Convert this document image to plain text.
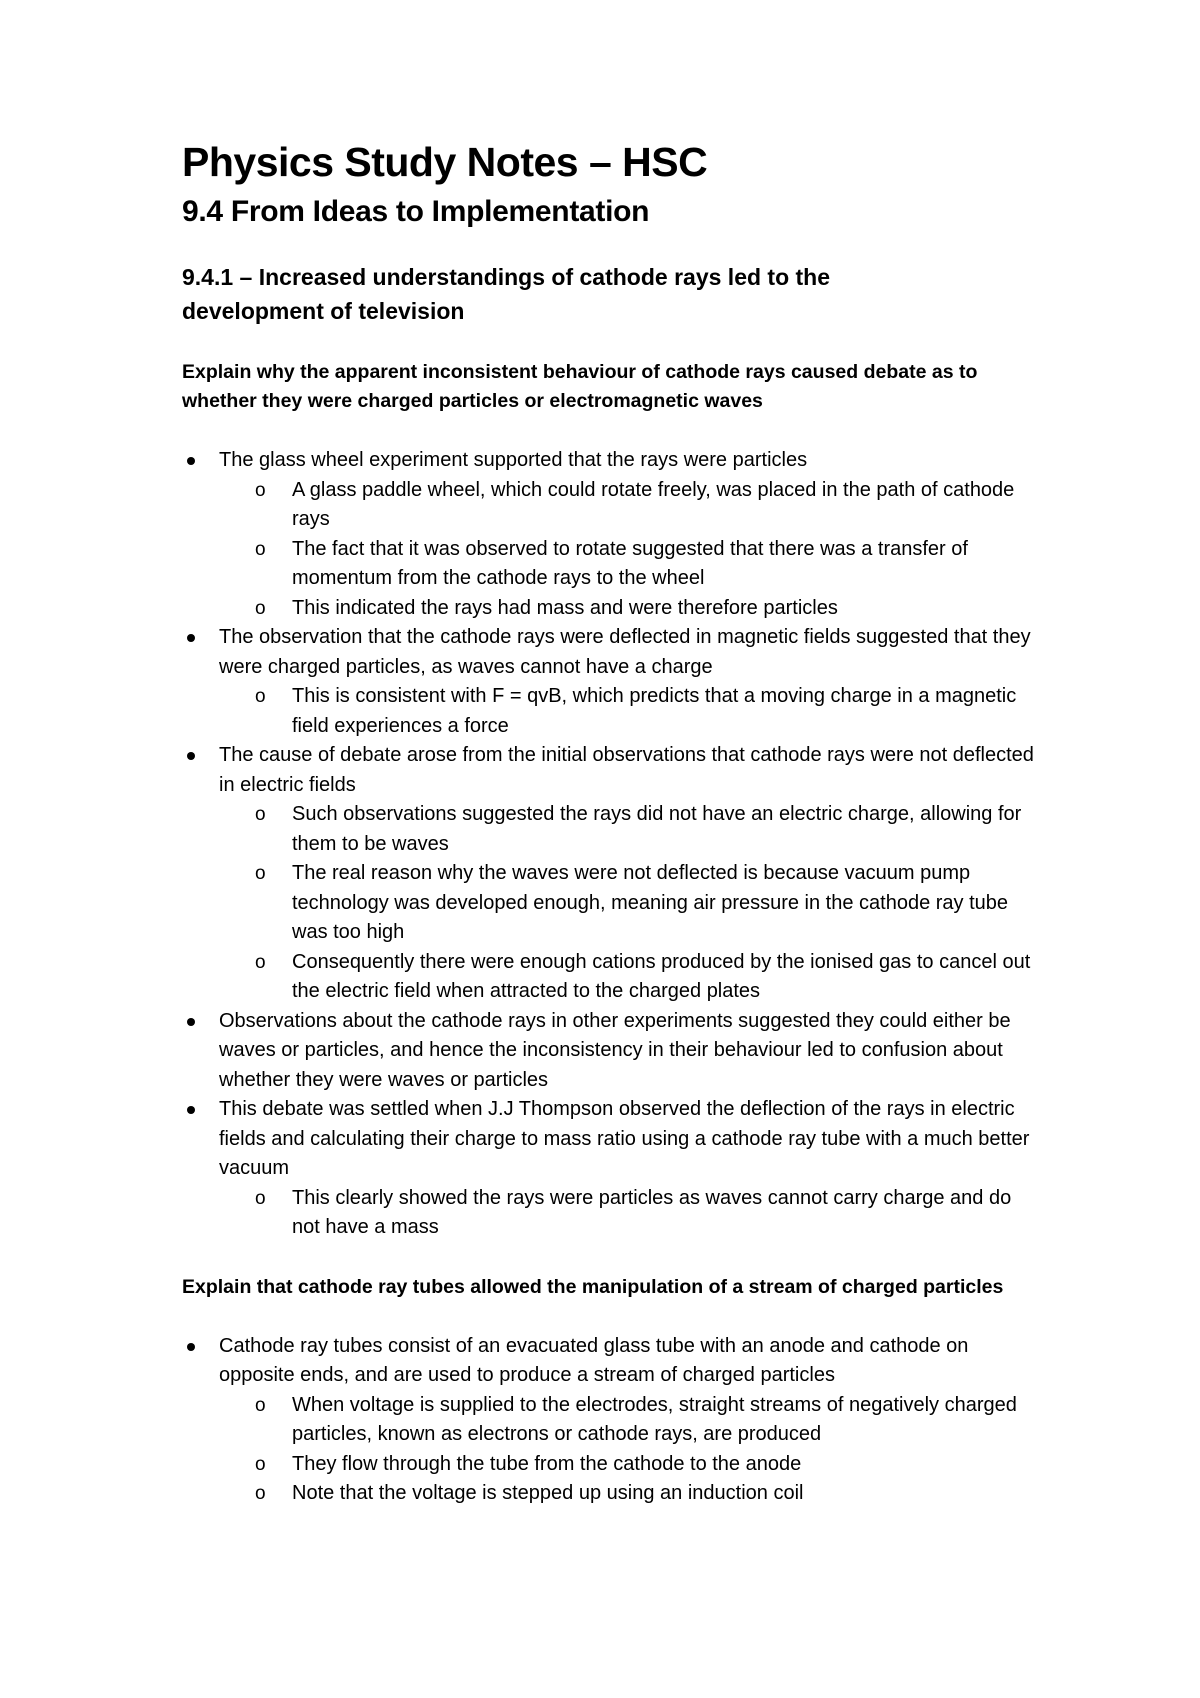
Physics Study Notes – HSC
9.4 From Ideas to Implementation
9.4.1 – Increased understandings of cathode rays led to the development of television
Explain why the apparent inconsistent behaviour of cathode rays caused debate as to whether they were charged particles or electromagnetic waves
The glass wheel experiment supported that the rays were particles
o A glass paddle wheel, which could rotate freely, was placed in the path of cathode rays
o The fact that it was observed to rotate suggested that there was a transfer of momentum from the cathode rays to the wheel
o This indicated the rays had mass and were therefore particles
The observation that the cathode rays were deflected in magnetic fields suggested that they were charged particles, as waves cannot have a charge
o This is consistent with F = qvB, which predicts that a moving charge in a magnetic field experiences a force
The cause of debate arose from the initial observations that cathode rays were not deflected in electric fields
o Such observations suggested the rays did not have an electric charge, allowing for them to be waves
o The real reason why the waves were not deflected is because vacuum pump technology was developed enough, meaning air pressure in the cathode ray tube was too high
o Consequently there were enough cations produced by the ionised gas to cancel out the electric field when attracted to the charged plates
Observations about the cathode rays in other experiments suggested they could either be waves or particles, and hence the inconsistency in their behaviour led to confusion about whether they were waves or particles
This debate was settled when J.J Thompson observed the deflection of the rays in electric fields and calculating their charge to mass ratio using a cathode ray tube with a much better vacuum
o This clearly showed the rays were particles as waves cannot carry charge and do not have a mass
Explain that cathode ray tubes allowed the manipulation of a stream of charged particles
Cathode ray tubes consist of an evacuated glass tube with an anode and cathode on opposite ends, and are used to produce a stream of charged particles
o When voltage is supplied to the electrodes, straight streams of negatively charged particles, known as electrons or cathode rays, are produced
o They flow through the tube from the cathode to the anode
o Note that the voltage is stepped up using an induction coil
